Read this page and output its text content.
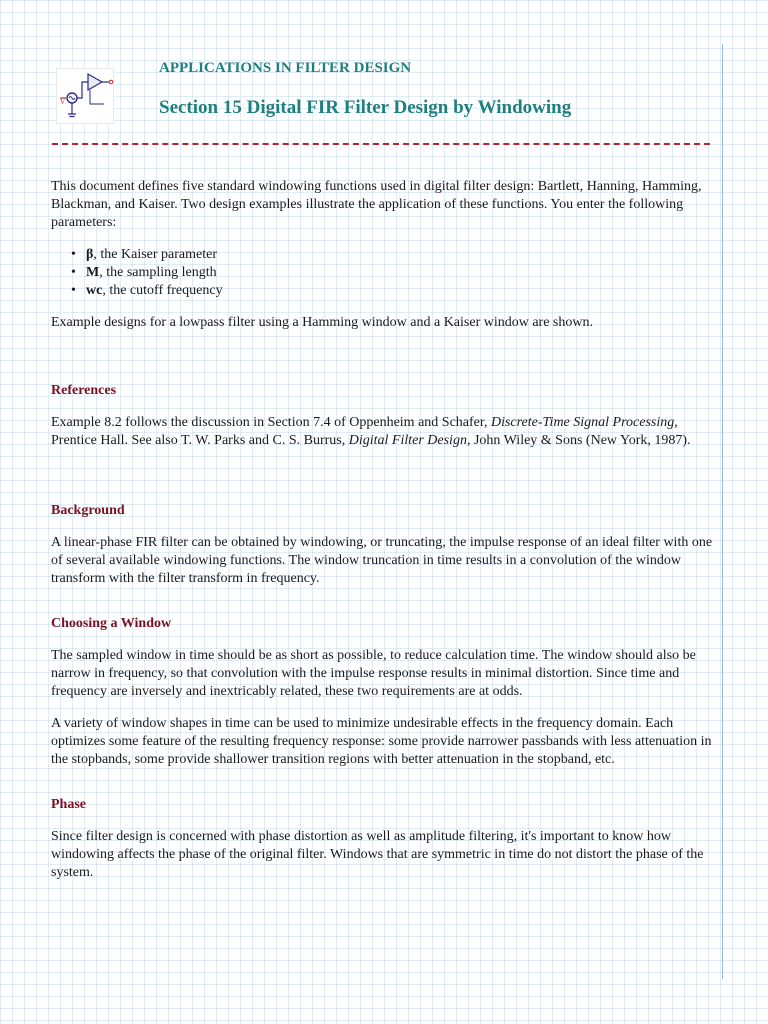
V
APPLICATIONS IN FILTER DESIGN
Section 15 Digital FIR Filter Design by Windowing

This document defines five standard windowing functions used in digital filter design: Bartlett, Hanning, Hamming, Blackman, and Kaiser. Two design examples illustrate the application of these functions. You enter the following parameters:

• β, the Kaiser parameter
• M, the sampling length
• wc, the cutoff frequency

Example designs for a lowpass filter using a Hamming window and a Kaiser window are shown.

References

Example 8.2 follows the discussion in Section 7.4 of Oppenheim and Schafer, Discrete-Time Signal Processing, Prentice Hall. See also T. W. Parks and C. S. Burrus, Digital Filter Design, John Wiley & Sons (New York, 1987).

Background

A linear-phase FIR filter can be obtained by windowing, or truncating, the impulse response of an ideal filter with one of several available windowing functions. The window truncation in time results in a convolution of the window transform with the filter transform in frequency.

Choosing a Window

The sampled window in time should be as short as possible, to reduce calculation time. The window should also be narrow in frequency, so that convolution with the impulse response results in minimal distortion. Since time and frequency are inversely and inextricably related, these two requirements are at odds.

A variety of window shapes in time can be used to minimize undesirable effects in the frequency domain. Each optimizes some feature of the resulting frequency response: some provide narrower passbands with less attenuation in the stopbands, some provide shallower transition regions with better attenuation in the stopband, etc.

Phase

Since filter design is concerned with phase distortion as well as amplitude filtering, it's important to know how windowing affects the phase of the original filter. Windows that are symmetric in time do not distort the phase of the system.
